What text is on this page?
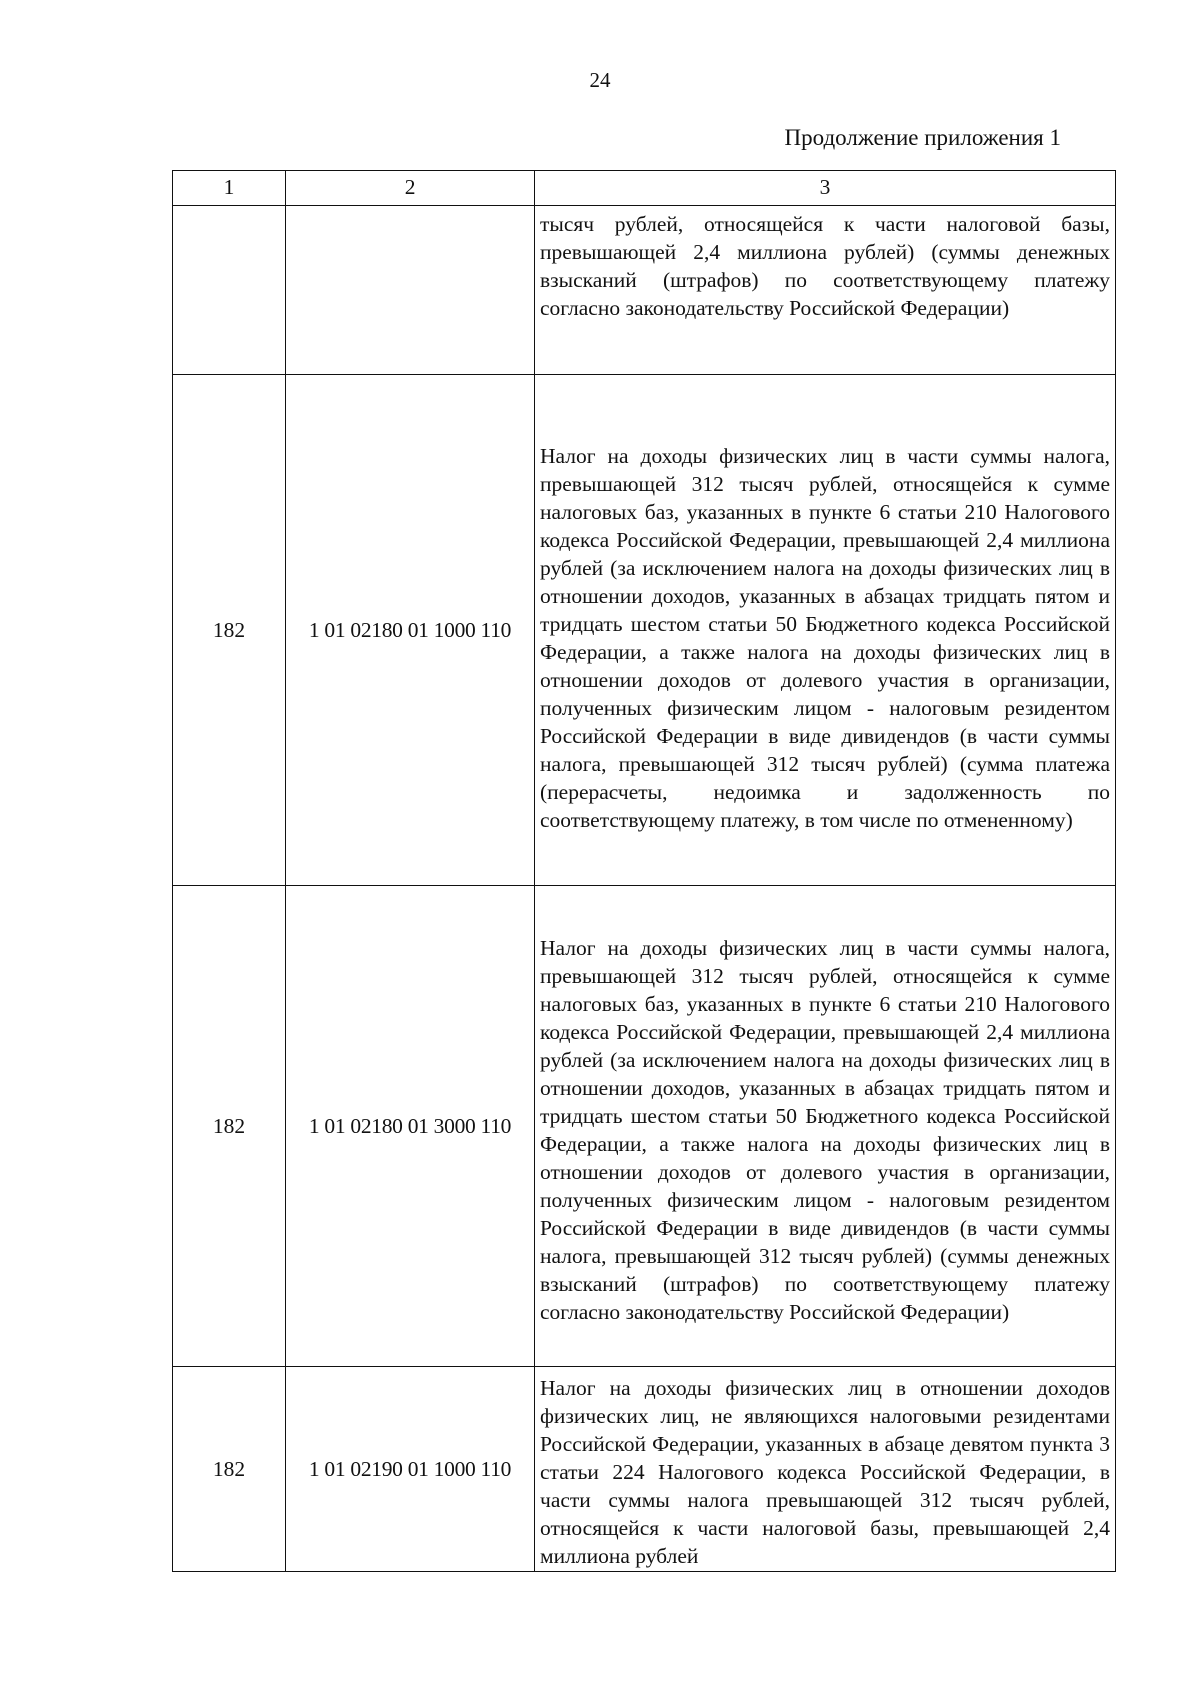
24
Продолжение приложения 1
1	2	3

		тысяч рублей, относящейся к части налоговой базы, превышающей 2,4 миллиона рублей) (суммы денежных взысканий (штрафов) по соответствующему платежу согласно законодательству Российской Федерации)

182	1 01 02180 01 1000 110	Налог на доходы физических лиц в части суммы налога, превышающей 312 тысяч рублей, относящейся к сумме налоговых баз, указанных в пункте 6 статьи 210 Налогового кодекса Российской Федерации, превышающей 2,4 миллиона рублей (за исключением налога на доходы физических лиц в отношении доходов, указанных в абзацах тридцать пятом и тридцать шестом статьи 50 Бюджетного кодекса Российской Федерации, а также налога на доходы физических лиц в отношении доходов от долевого участия в организации, полученных физическим лицом - налоговым резидентом Российской Федерации в виде дивидендов (в части суммы налога, превышающей 312 тысяч рублей) (сумма платежа (перерасчеты, недоимка и задолженность по соответствующему платежу, в том числе по отмененному)

182	1 01 02180 01 3000 110	Налог на доходы физических лиц в части суммы налога, превышающей 312 тысяч рублей, относящейся к сумме налоговых баз, указанных в пункте 6 статьи 210 Налогового кодекса Российской Федерации, превышающей 2,4 миллиона рублей (за исключением налога на доходы физических лиц в отношении доходов, указанных в абзацах тридцать пятом и тридцать шестом статьи 50 Бюджетного кодекса Российской Федерации, а также налога на доходы физических лиц в отношении доходов от долевого участия в организации, полученных физическим лицом - налоговым резидентом Российской Федерации в виде дивидендов (в части суммы налога, превышающей 312 тысяч рублей) (суммы денежных взысканий (штрафов) по соответствующему платежу согласно законодательству Российской Федерации)

182	1 01 02190 01 1000 110	Налог на доходы физических лиц в отношении доходов физических лиц, не являющихся налоговыми резидентами Российской Федерации, указанных в абзаце девятом пункта 3 статьи 224 Налогового кодекса Российской Федерации, в части суммы налога превышающей 312 тысяч рублей, относящейся к части налоговой базы, превышающей 2,4 миллиона рублей
